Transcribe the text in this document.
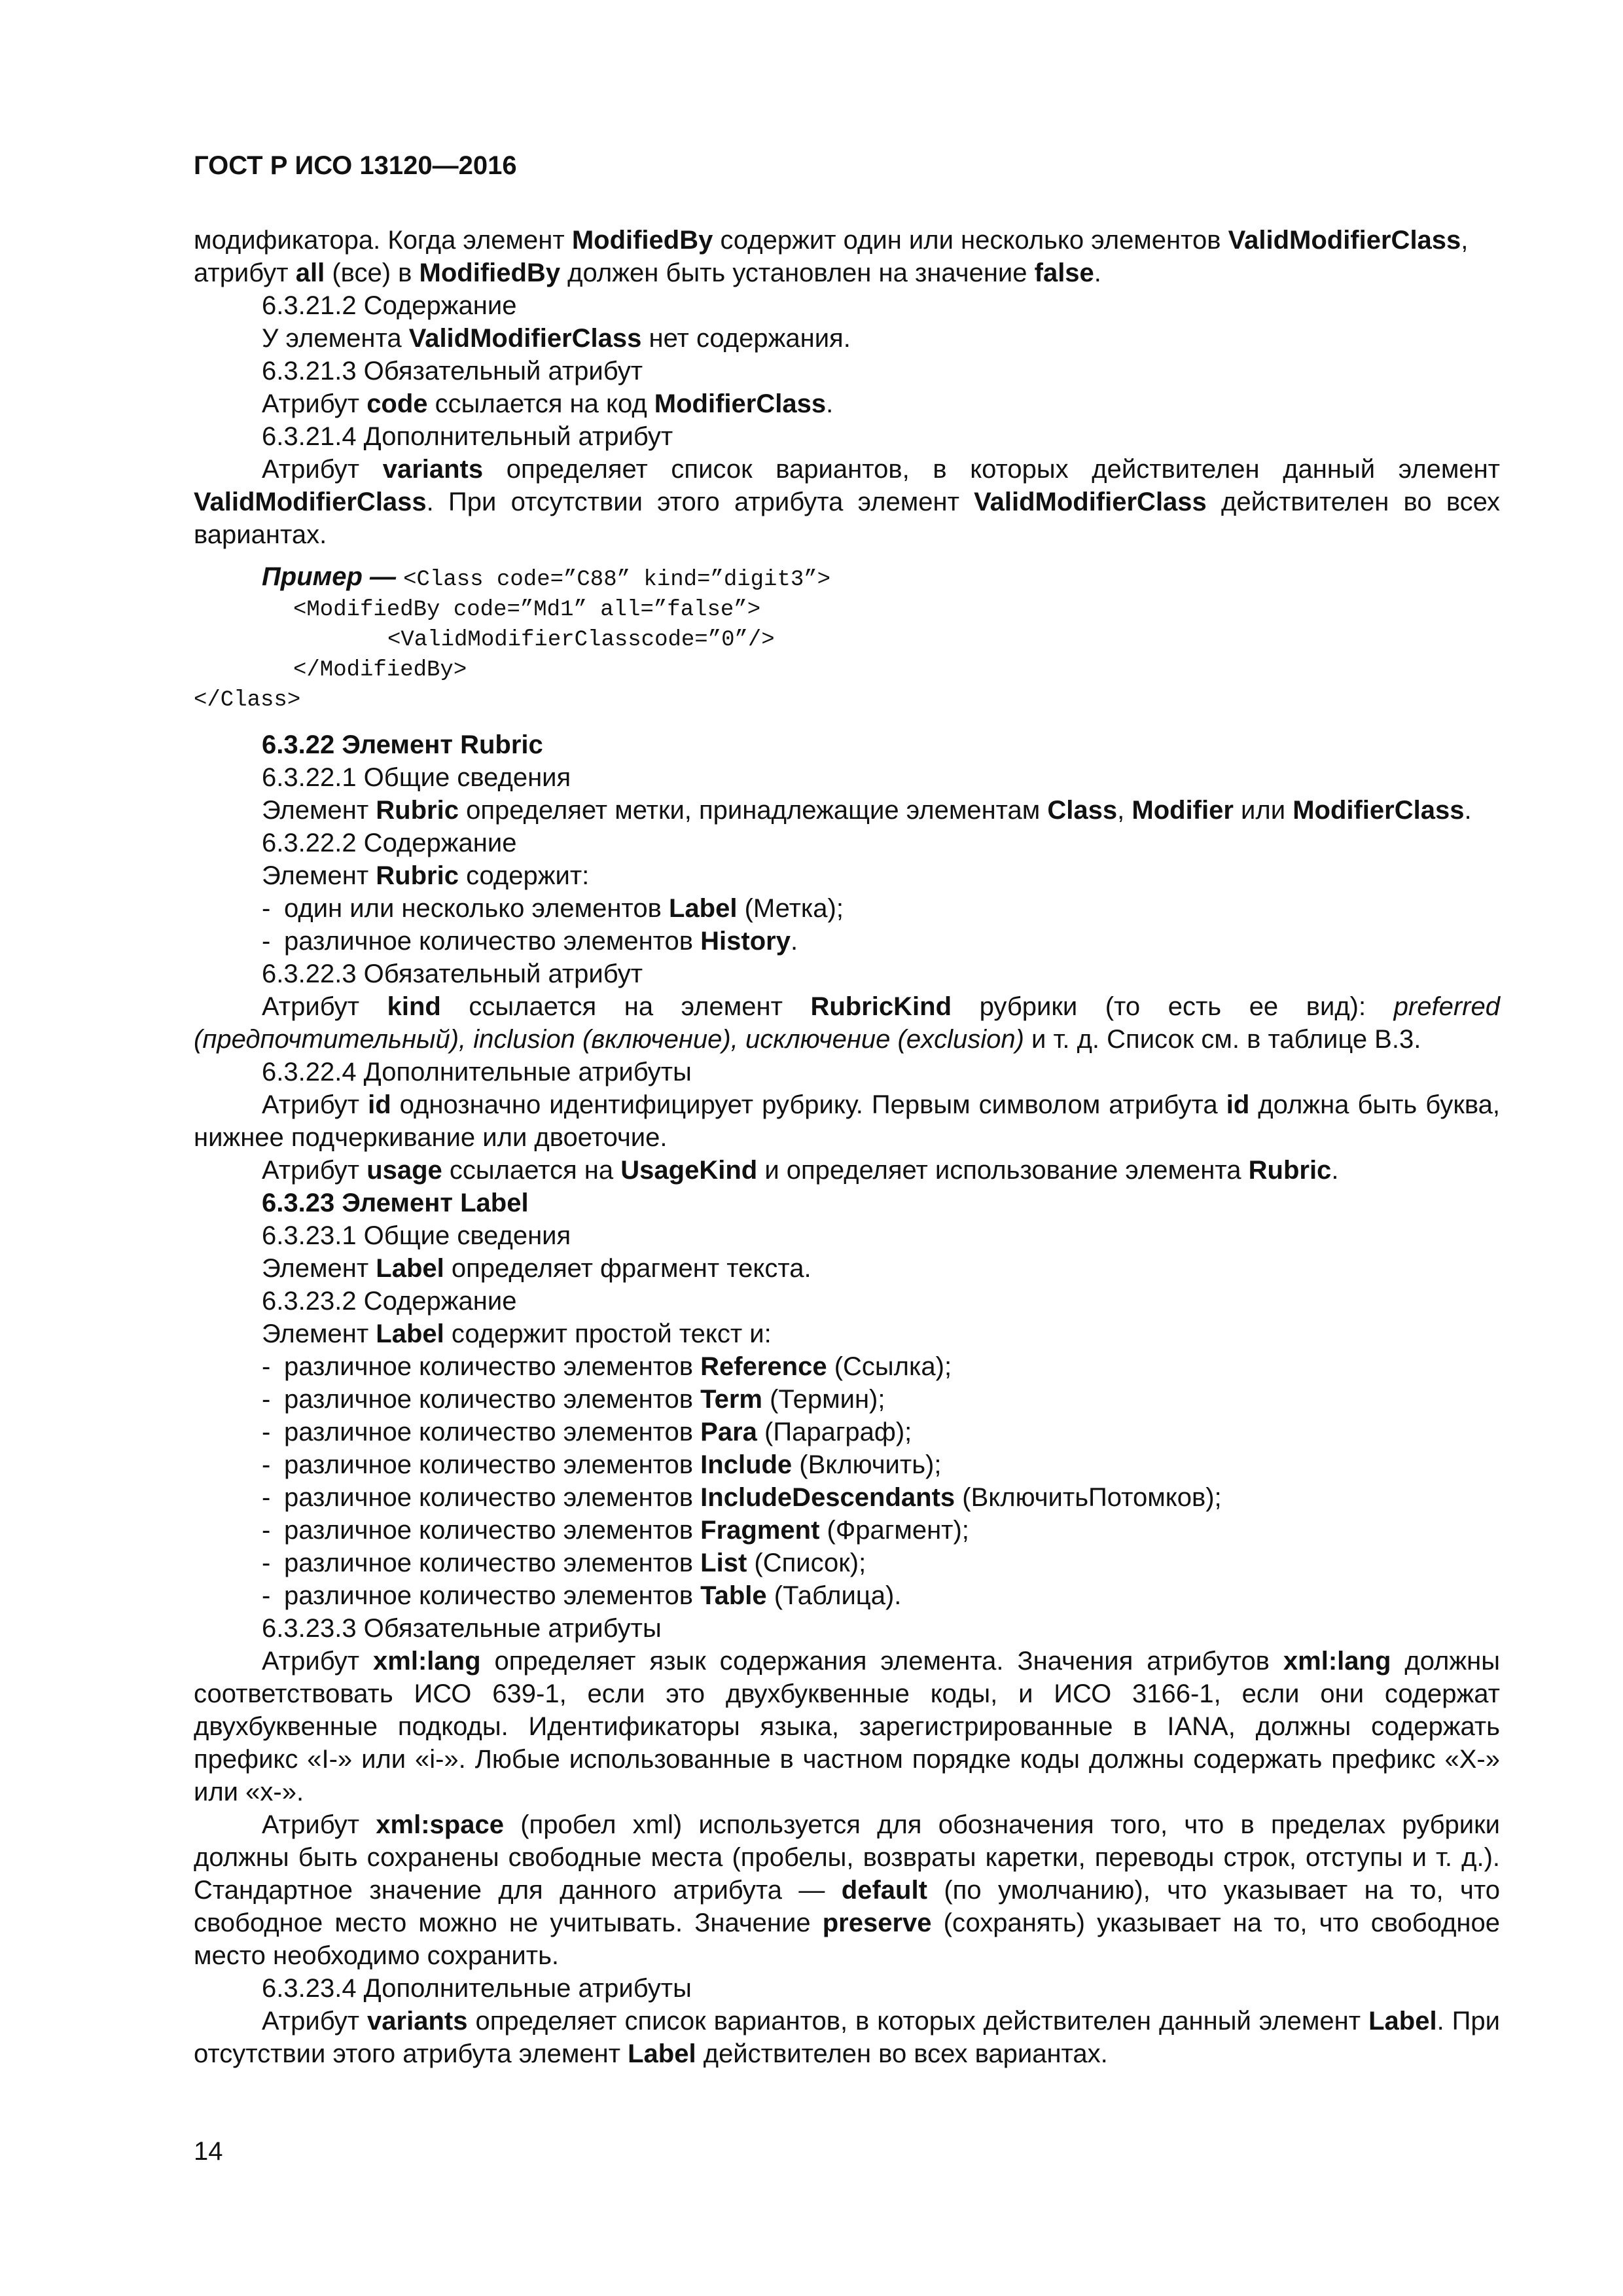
ГОСТ Р ИСО 13120—2016

модификатора. Когда элемент ModifiedBy содержит один или несколько элементов ValidModifierClass,

атрибут all (все) в ModifiedBy должен быть установлен на значение false.

6.3.21.2 Содержание

У элемента ValidModifierClass нет содержания.

6.3.21.3 Обязательный атрибут

Атрибут code ссылается на код ModifierClass.

6.3.21.4 Дополнительный атрибут

Атрибут variants определяет список вариантов, в которых действителен данный элемент ValidModifierClass. При отсутствии этого атрибута элемент ValidModifierClass действителен во всех вариантах.

Пример — <Class code=”C88” kind=”digit3”>
<ModifiedBy code=”Md1” all=”false”>
<ValidModifierClasscode=”0”/>
</ModifiedBy>
</Class>

6.3.22 Элемент Rubric

6.3.22.1 Общие сведения

Элемент Rubric определяет метки, принадлежащие элементам Class, Modifier или ModifierClass.

6.3.22.2 Содержание

Элемент Rubric содержит:

- один или несколько элементов Label (Метка);

- различное количество элементов History.

6.3.22.3 Обязательный атрибут

Атрибут kind ссылается на элемент RubricKind рубрики (то есть ее вид): preferred (предпочтительный), inclusion (включение), исключение (exclusion) и т. д. Список см. в таблице В.3.

6.3.22.4 Дополнительные атрибуты

Атрибут id однозначно идентифицирует рубрику. Первым символом атрибута id должна быть буква, нижнее подчеркивание или двоеточие.

Атрибут usage ссылается на UsageKind и определяет использование элемента Rubric.

6.3.23 Элемент Label

6.3.23.1 Общие сведения

Элемент Label определяет фрагмент текста.

6.3.23.2 Содержание

Элемент Label содержит простой текст и:

- различное количество элементов Reference (Ссылка);

- различное количество элементов Term (Термин);

- различное количество элементов Para (Параграф);

- различное количество элементов Include (Включить);

- различное количество элементов IncludeDescendants (ВключитьПотомков);

- различное количество элементов Fragment (Фрагмент);

- различное количество элементов List (Список);

- различное количество элементов Table (Таблица).

6.3.23.3 Обязательные атрибуты

Атрибут xml:lang определяет язык содержания элемента. Значения атрибутов xml:lang должны соответствовать ИСО 639-1, если это двухбуквенные коды, и ИСО 3166-1, если они содержат двухбуквенные подкоды. Идентификаторы языка, зарегистрированные в IANA, должны содержать префикс «I-» или «i-». Любые использованные в частном порядке коды должны содержать префикс «X-» или «x-».

Атрибут xml:space (пробел xml) используется для обозначения того, что в пределах рубрики должны быть сохранены свободные места (пробелы, возвраты каретки, переводы строк, отступы и т. д.). Стандартное значение для данного атрибута — default (по умолчанию), что указывает на то, что свободное место можно не учитывать. Значение preserve (сохранять) указывает на то, что свободное место необходимо сохранить.

6.3.23.4 Дополнительные атрибуты

Атрибут variants определяет список вариантов, в которых действителен данный элемент Label. При отсутствии этого атрибута элемент Label действителен во всех вариантах.

14
